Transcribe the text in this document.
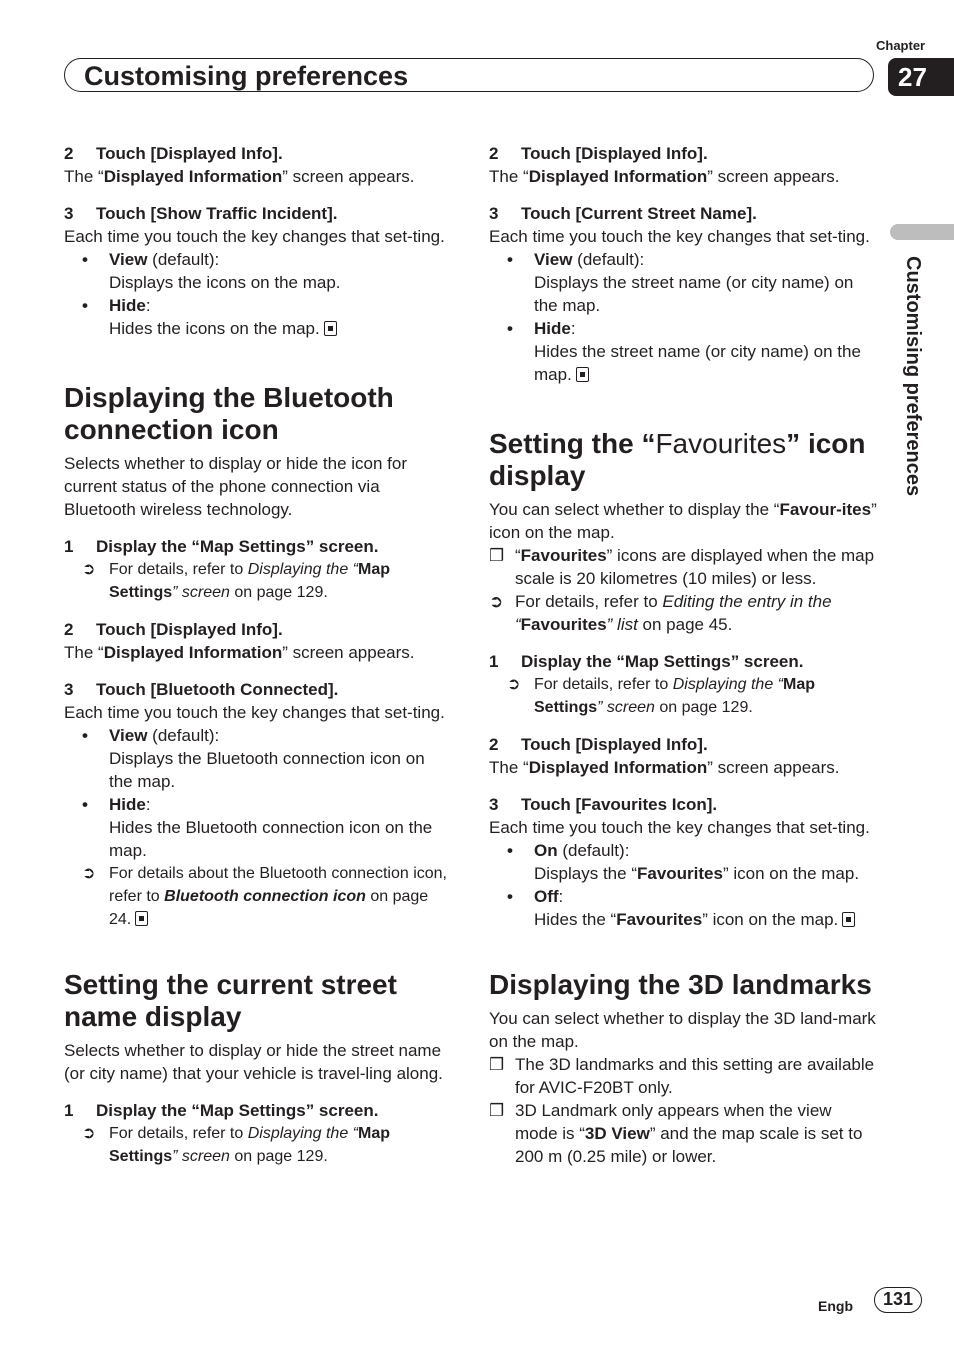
Customising preferences
Chapter
27
Customising preferences

2 Touch [Displayed Info].

The “Displayed Information” screen appears.

3 Touch [Show Traffic Incident].

Each time you touch the key changes that set-ting.

• View (default):
Displays the icons on the map.
• Hide:
Hides the icons on the map.
Displaying the Bluetooth connection icon

Selects whether to display or hide the icon for current status of the phone connection via Bluetooth wireless technology.

1 Display the “Map Settings” screen.

➲ For details, refer to Displaying the “Map Settings” screen on page 129.

2 Touch [Displayed Info].

The “Displayed Information” screen appears.

3 Touch [Bluetooth Connected].

Each time you touch the key changes that set-ting.

• View (default):
Displays the Bluetooth connection icon on the map.
• Hide:
Hides the Bluetooth connection icon on the map.
➲ For details about the Bluetooth connection icon, refer to Bluetooth connection icon on page 24.
Setting the current street name display

Selects whether to display or hide the street name (or city name) that your vehicle is travel-ling along.

1 Display the “Map Settings” screen.

➲ For details, refer to Displaying the “Map Settings” screen on page 129.

2 Touch [Displayed Info].

The “Displayed Information” screen appears.

3 Touch [Current Street Name].

Each time you touch the key changes that set-ting.

• View (default):
Displays the street name (or city name) on the map.
• Hide:
Hides the street name (or city name) on the map.
Setting the “Favourites” icon display

You can select whether to display the “Favour-ites” icon on the map.

❒ “Favourites” icons are displayed when the map scale is 20 kilometres (10 miles) or less.
➲ For details, refer to Editing the entry in the “Favourites” list on page 45.

1 Display the “Map Settings” screen.

➲ For details, refer to Displaying the “Map Settings” screen on page 129.

2 Touch [Displayed Info].

The “Displayed Information” screen appears.

3 Touch [Favourites Icon].

Each time you touch the key changes that set-ting.

• On (default):
Displays the “Favourites” icon on the map.
• Off:
Hides the “Favourites” icon on the map.
Displaying the 3D landmarks

You can select whether to display the 3D land-mark on the map.

❒ The 3D landmarks and this setting are available for AVIC-F20BT only.
❒ 3D Landmark only appears when the view mode is “3D View” and the map scale is set to 200 m (0.25 mile) or lower.
Engb	131
